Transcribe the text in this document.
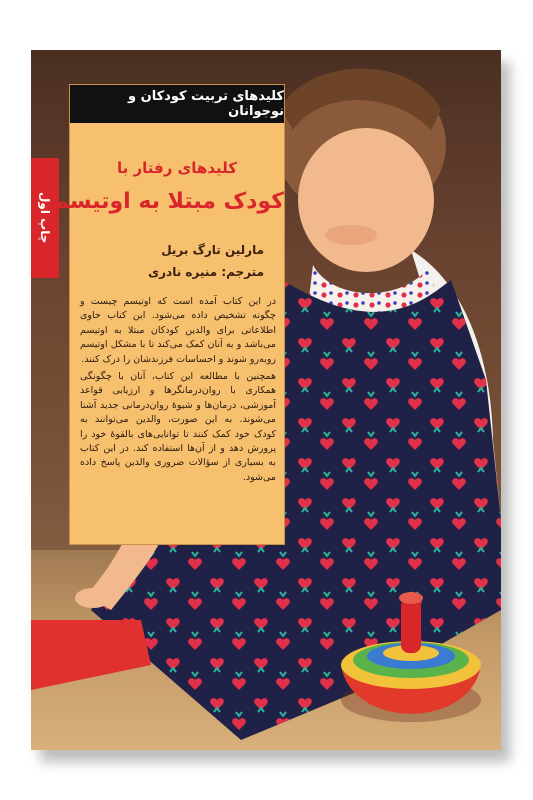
چاپ اول
کلیدهای تربیت کودکان و نوجوانان
کلیدهای رفتار با
کودک مبتلا به اوتیسم
مارلین تارگ بریل
مترجم: منیره نادری

در این کتاب آمده است که اوتیسم چیست و چگونه تشخیص داده می‌شود. این کتاب حاوی اطلاعاتی برای والدین کودکان مبتلا به اوتیسم می‌باشد و به آنان کمک می‌کند تا با مشکل اوتیسم روبه‌رو شوند و احساسات فرزندشان را درک کنند.

همچنین با مطالعه این کتاب، آنان با چگونگی همکاری با روان‌درمانگرها و ارزیابی قواعد آموزشی، درمان‌ها و شیوهٔ روان‌درمانی جدید آشنا می‌شوند. به این صورت، والدین می‌توانند به کودک خود کمک کنند تا توانایی‌های بالقوهٔ خود را پرورش دهد و از آن‌ها استفاده کند. در این کتاب به بسیاری از سؤالات ضروری والدین پاسخ داده می‌شود.
